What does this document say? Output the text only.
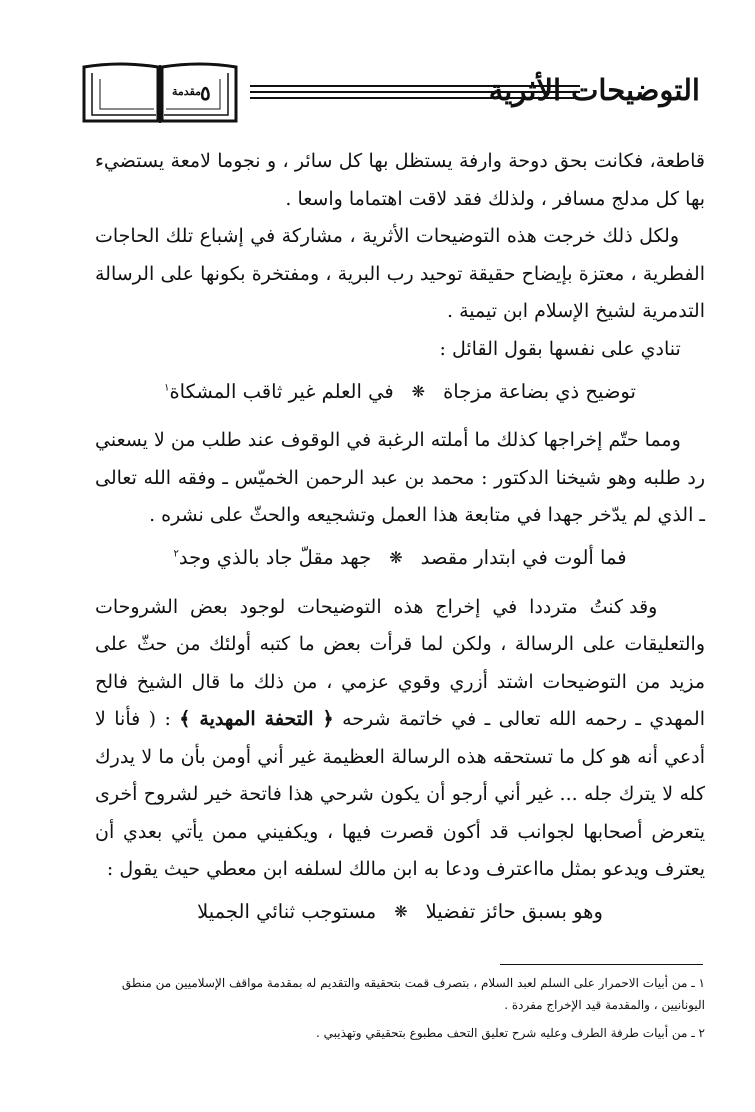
٥
مقدمة	التوضيحات الأثرية

قاطعة، فكانت بحق دوحة وارفة يستظل بها كل سائر ، و نجوما لامعة يستضيء بها كل مدلج مسافر ، ولذلك فقد لاقت اهتماما واسعا .

ولكل ذلك خرجت هذه التوضيحات الأثرية ، مشاركة في إشباع تلك الحاجات الفطرية ، معتزة بإيضاح حقيقة توحيد رب البرية ، ومفتخرة بكونها على الرسالة التدمرية لشيخ الإسلام ابن تيمية .

تنادي على نفسها بقول القائل :

توضيح ذي بضاعة مزجاة
❋
في العلم غير ثاقب المشكاة$^١$

ومما حتّم إخراجها كذلك ما أملته الرغبة في الوقوف عند طلب من لا يسعني رد طلبه وهو شيخنا الدكتور : محمد بن عبد الرحمن الخميّس ـ وفقه الله تعالى ـ الذي لم يدّخر جهدا في متابعة هذا العمل وتشجيعه والحثّ على نشره .

فما ألوت في ابتدار مقصد
❋
جهد مقلّ جاد بالذي وجد$^٢$

وقد كنتُ مترددا في إخراج هذه التوضيحات لوجود بعض الشروحات والتعليقات على الرسالة ، ولكن لما قرأت بعض ما كتبه أولئك من حثّ على مزيد من التوضيحات اشتد أزري وقوي عزمي ، من ذلك ما قال الشيخ فالح المهدي ـ رحمه الله تعالى ـ في خاتمة شرحه ﴿ التحفة المهدية ﴾ : ( فأنا لا أدعي أنه هو كل ما تستحقه هذه الرسالة العظيمة غير أني أومن بأن ما لا يدرك كله لا يترك جله ... غير أني أرجو أن يكون شرحي هذا فاتحة خير لشروح أخرى يتعرض أصحابها لجوانب قد أكون قصرت فيها ، ويكفيني ممن يأتي بعدي أن يعترف ويدعو بمثل مااعترف ودعا به ابن مالك لسلفه ابن معطي حيث يقول :

وهو بسبق حائز تفضيلا
❋
مستوجب ثنائي الجميلا

١ ـ من أبيات الاحمرار على السلم لعبد السلام ، بتصرف قمت بتحقيقه والتقديم له بمقدمة مواقف الإسلاميين من منطق اليونانيين ، والمقدمة قيد الإخراج مفردة .

٢ ـ من أبيات طرفة الطرف وعليه شرح تعليق التحف مطبوع بتحقيقي وتهذيبي .
